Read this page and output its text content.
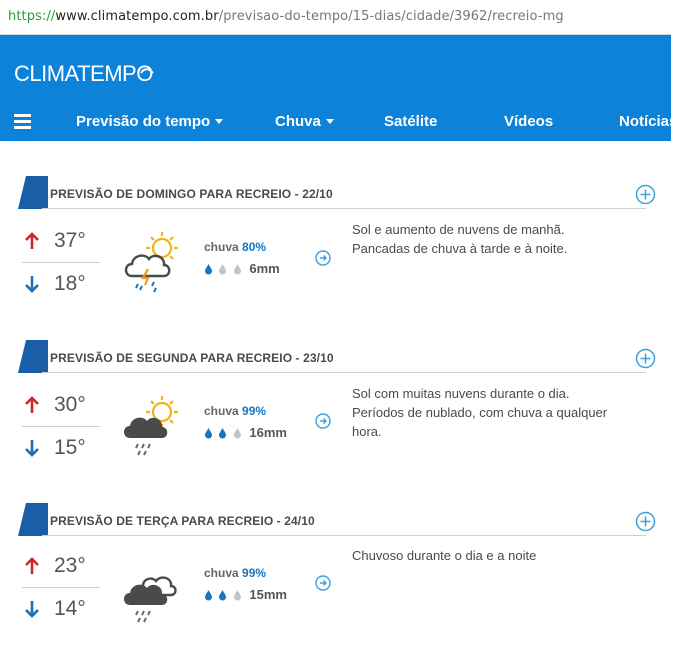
https://www.climatempo.com.br/previsao-do-tempo/15-dias/cidade/3962/recreio-mg
CLIMATEMPO
Previsão do tempo	Chuva	Satélite	Vídeos	Notícias
PREVISÃO DE DOMINGO PARA RECREIO - 22/10
37°
18°
chuva 80%
6mm
Sol e aumento de nuvens de manhã.
Pancadas de chuva à tarde e à noite.
PREVISÃO DE SEGUNDA PARA RECREIO - 23/10
30°
15°
chuva 99%
16mm
Sol com muitas nuvens durante o dia.
Períodos de nublado, com chuva a qualquer
hora.
PREVISÃO DE TERÇA PARA RECREIO - 24/10
23°
14°
chuva 99%
15mm
Chuvoso durante o dia e a noite
